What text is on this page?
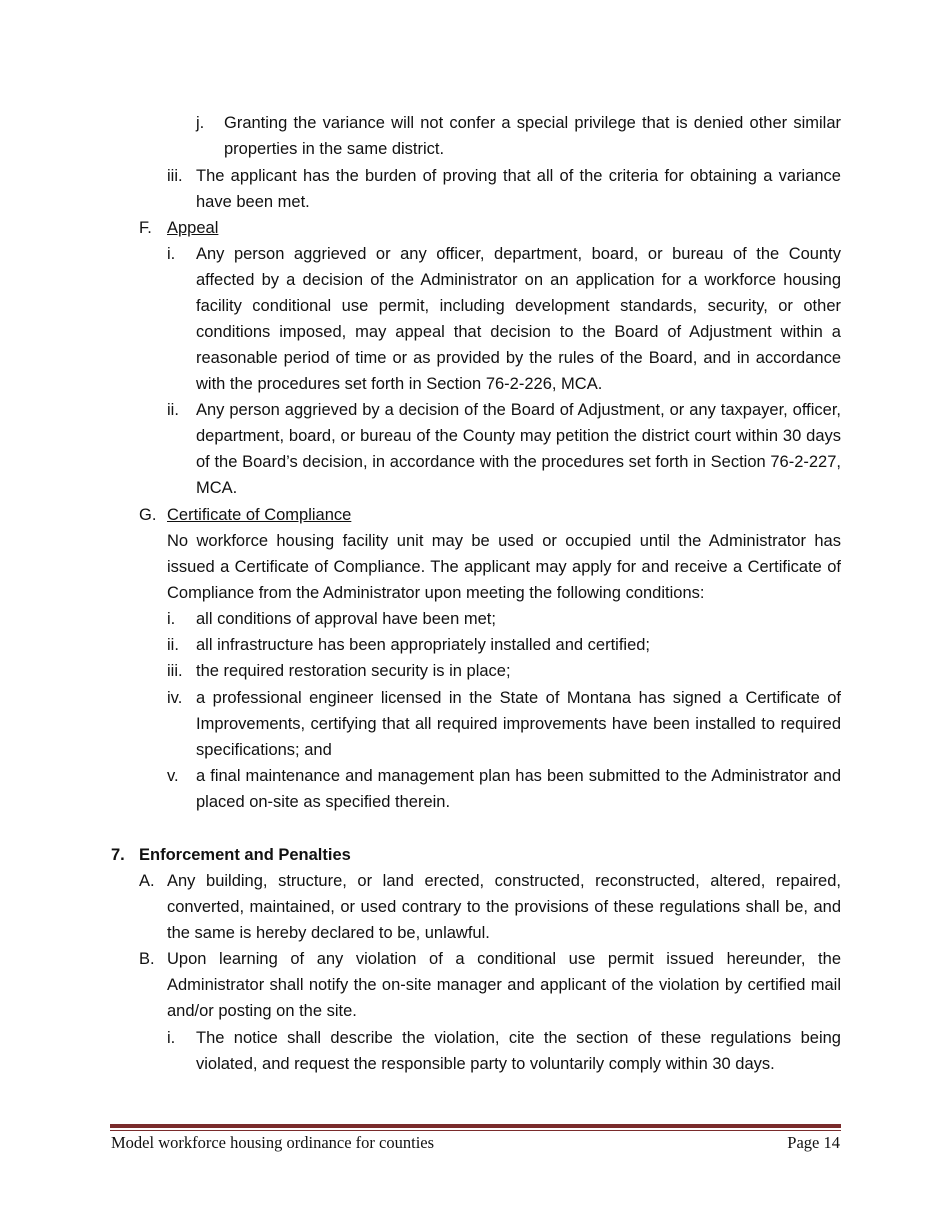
j.	Granting the variance will not confer a special privilege that is denied other similar properties in the same district.
iii. The applicant has the burden of proving that all of the criteria for obtaining a variance have been met.
F. Appeal
i.	Any person aggrieved or any officer, department, board, or bureau of the County affected by a decision of the Administrator on an application for a workforce housing facility conditional use permit, including development standards, security, or other conditions imposed, may appeal that decision to the Board of Adjustment within a reasonable period of time or as provided by the rules of the Board, and in accordance with the procedures set forth in Section 76-2-226, MCA.
ii.	Any person aggrieved by a decision of the Board of Adjustment, or any taxpayer, officer, department, board, or bureau of the County may petition the district court within 30 days of the Board’s decision, in accordance with the procedures set forth in Section 76-2-227, MCA.
G. Certificate of Compliance
No workforce housing facility unit may be used or occupied until the Administrator has issued a Certificate of Compliance. The applicant may apply for and receive a Certificate of Compliance from the Administrator upon meeting the following conditions:
i.	all conditions of approval have been met;
ii.	all infrastructure has been appropriately installed and certified;
iii. the required restoration security is in place;
iv. a professional engineer licensed in the State of Montana has signed a Certificate of Improvements, certifying that all required improvements have been installed to required specifications; and
v.	a final maintenance and management plan has been submitted to the Administrator and placed on-site as specified therein.
7. Enforcement and Penalties
A. Any building, structure, or land erected, constructed, reconstructed, altered, repaired, converted, maintained, or used contrary to the provisions of these regulations shall be, and the same is hereby declared to be, unlawful.
B. Upon learning of any violation of a conditional use permit issued hereunder, the Administrator shall notify the on-site manager and applicant of the violation by certified mail and/or posting on the site.
i.	The notice shall describe the violation, cite the section of these regulations being violated, and request the responsible party to voluntarily comply within 30 days.
Model workforce housing ordinance for counties	Page 14
